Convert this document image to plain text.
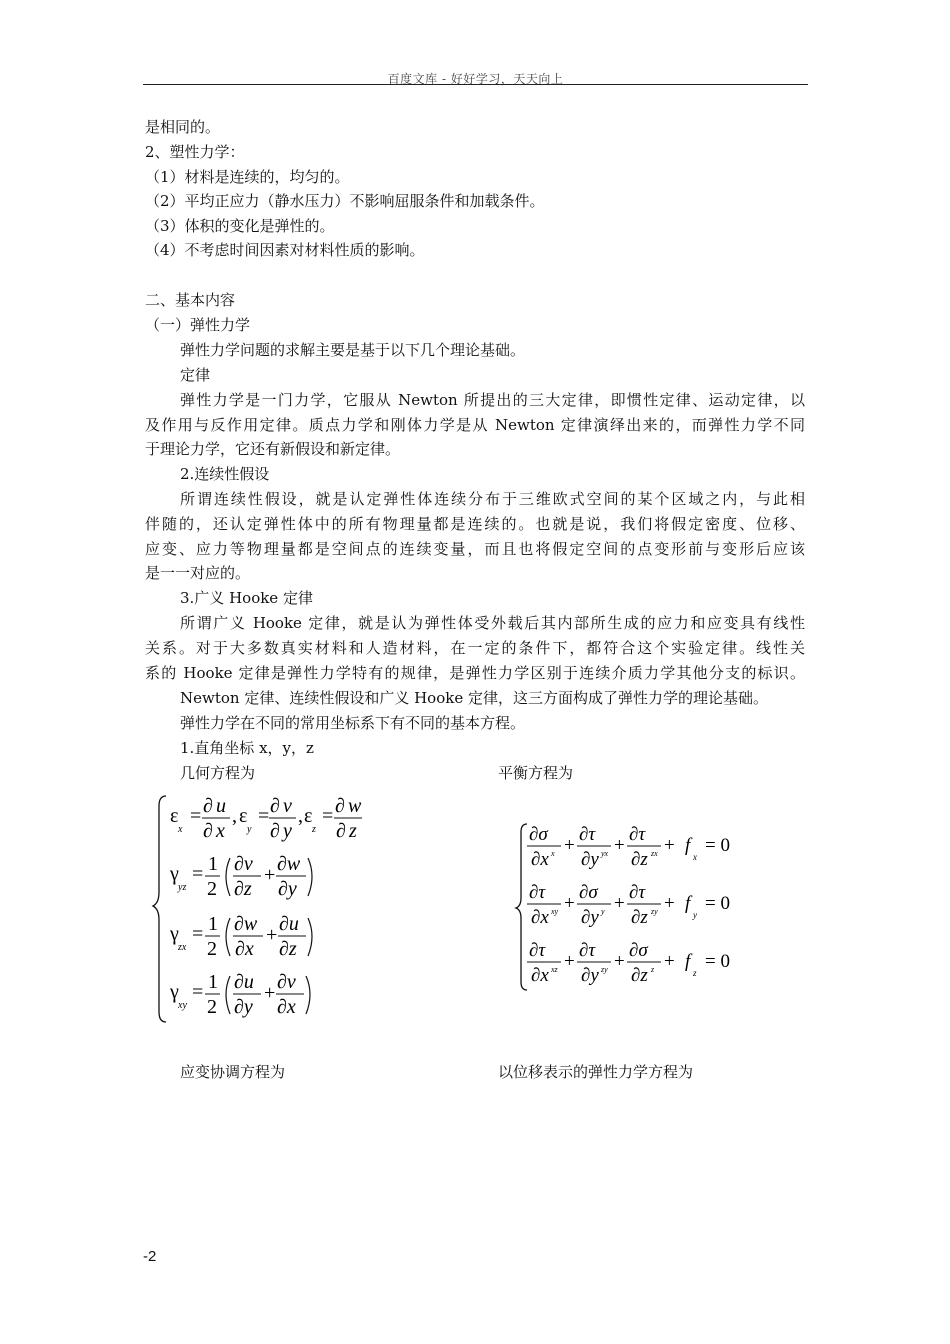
百度文库 - 好好学习，天天向上
是相同的。
2、塑性力学：
（1）材料是连续的，均匀的。
（2）平均正应力（静水压力）不影响屈服条件和加载条件。
（3）体积的变化是弹性的。
（4）不考虑时间因素对材料性质的影响。
二、基本内容
（一）弹性力学
弹性力学问题的求解主要是基于以下几个理论基础。
定律
弹性力学是一门力学，它服从 Newton 所提出的三大定律，即惯性定律、运动定律，以
及作用与反作用定律。质点力学和刚体力学是从 Newton 定律演绎出来的，而弹性力学不同
于理论力学，它还有新假设和新定律。
2.连续性假设
所谓连续性假设，就是认定弹性体连续分布于三维欧式空间的某个区域之内，与此相
伴随的，还认定弹性体中的所有物理量都是连续的。也就是说，我们将假定密度、位移、
应变、应力等物理量都是空间点的连续变量，而且也将假定空间的点变形前与变形后应该
是一一对应的。
3.广义 Hooke 定律
所谓广义 Hooke 定律，就是认为弹性体受外载后其内部所生成的应力和应变具有线性
关系。对于大多数真实材料和人造材料，在一定的条件下，都符合这个实验定律。线性关
系的 Hooke 定律是弹性力学特有的规律，是弹性力学区别于连续介质力学其他分支的标识。
Newton 定律、连续性假设和广义 Hooke 定律，这三方面构成了弹性力学的理论基础。
弹性力学在不同的常用坐标系下有不同的基本方程。
1.直角坐标 x，y，z
几何方程为	平衡方程为
ε
x
= ∂ u
∂ x
, ε
y
= ∂ v
∂ y
, ε
z
= ∂ w
∂ z
γ
yz
= 1
2
∂v
∂z
+ ∂w
∂y
γ
zx
= 1
2
∂w
∂x
+ ∂u
∂z
γ
xy
= 1
2
∂u
∂y
+ ∂v
∂x
∂σ
x
∂x
+
∂τ
yx
∂y
+
∂τ
zx
∂z
+ f
x
= 0
∂τ
xy
∂x
+
∂σ
y
∂y
+
∂τ
zy
∂z
+ f
y
= 0
∂τ
xz
∂x
+
∂τ
zy
∂y
+
∂σ
z
∂z
+ f
z
= 0
应变协调方程为	以位移表示的弹性力学方程为
-2
